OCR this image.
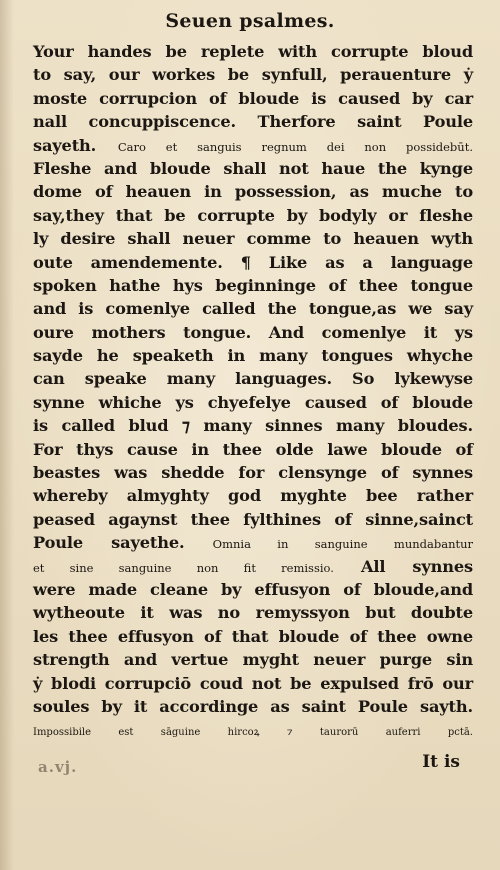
Seuen psalmes.
Your handes be replete with corrupte bloud
to say, our workes be synfull, perauenture ẏ
moste corrupcion of bloude is caused by car
nall concuppiscence. Therfore saint Poule
sayeth. Caro et sanguis regnum dei non possidebūt.
Fleshe and bloude shall not haue the kynge
dome of heauen in possession, as muche to
say,they that be corrupte by bodyly or fleshe
ly desire shall neuer comme to heauen wyth
oute amendemente. ¶ Like as a language
spoken hathe hys beginninge of thee tongue
and is comenlye called the tongue,as we say
oure mothers tongue. And comenlye it ys
sayde he speaketh in many tongues whyche
can speake many languages. So lykewyse
synne whiche ys chyefelye caused of bloude
is called blud ⁊ many sinnes many bloudes.
For thys cause in thee olde lawe bloude of
beastes was shedde for clensynge of synnes
whereby almyghty god myghte bee rather
peased agaynst thee fylthines of sinne,sainct
Poule sayethe. Omnia in sanguine mundabantur
et sine sanguine non fit remissio. All synnes
were made cleane by effusyon of bloude,and
wytheoute it was no remyssyon but doubte
les thee effusyon of that bloude of thee owne
strength and vertue myght neuer purge sin
ẏ blodi corrupciō coud not be expulsed frō our
soules by it accordinge as saint Poule sayth.
Impossibile est sāguine hircoꝝ ⁊ taurorū auferri pctā.
a.vj.	It is
